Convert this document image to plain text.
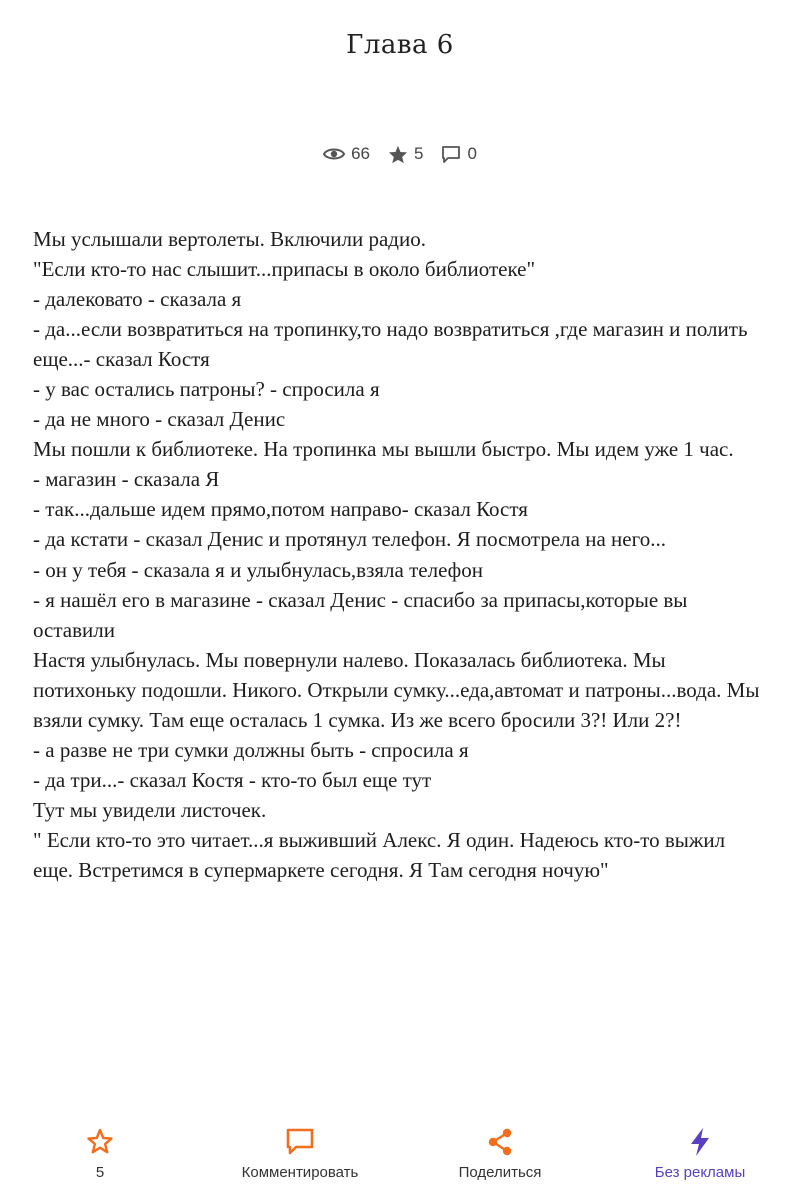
Глава 6
66	5	0

Мы услышали вертолеты. Включили радио.

"Если кто-то нас слышит...припасы в около библиотеке"

- далековато - сказала я

- да...если возвратиться на тропинку,то надо возвратиться ,где магазин и полить еще...- сказал Костя

- у вас остались патроны? - спросила я

- да не много - сказал Денис

Мы пошли к библиотеке. На тропинка мы вышли быстро. Мы идем уже 1 час.

- магазин - сказала Я

- так...дальше идем прямо,потом направо- сказал Костя

- да кстати - сказал Денис и протянул телефон. Я посмотрела на него...

- он у тебя - сказала я и улыбнулась,взяла телефон

- я нашёл его в магазине - сказал Денис - спасибо за припасы,которые вы оставили

Настя улыбнулась. Мы повернули налево. Показалась библиотека. Мы потихоньку подошли. Никого. Открыли сумку...еда,автомат и патроны...вода. Мы взяли сумку. Там еще осталась 1 сумка. Из же всего бросили 3?! Или 2?!

- а разве не три сумки должны быть - спросила я

- да три...- сказал Костя - кто-то был еще тут

Тут мы увидели листочек.

" Если кто-то это читает...я выживший Алекс. Я один. Надеюсь кто-то выжил еще. Встретимся в супермаркете сегодня. Я Там сегодня ночую"

5	Комментировать	Поделиться	Без рекламы
